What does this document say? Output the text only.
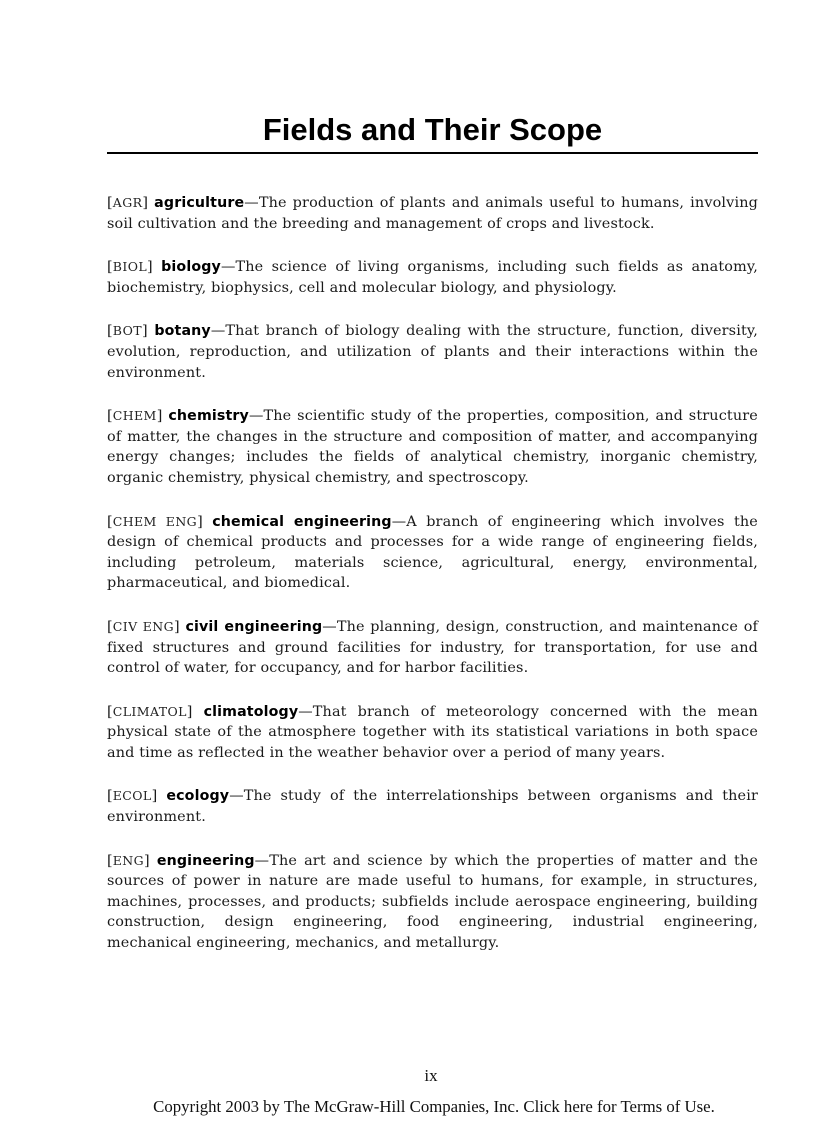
Fields and Their Scope

[AGR] agriculture—The production of plants and animals useful to humans, involving soil cultivation and the breeding and management of crops and livestock.

[BIOL] biology—The science of living organisms, including such fields as anatomy, biochemistry, biophysics, cell and molecular biology, and physiology.

[BOT] botany—That branch of biology dealing with the structure, function, diversity, evolution, reproduction, and utilization of plants and their interactions within the environment.

[CHEM] chemistry—The scientific study of the properties, composition, and structure of matter, the changes in the structure and composition of matter, and accompanying energy changes; includes the fields of analytical chemistry, inorganic chemistry, organic chemistry, physical chemistry, and spectroscopy.

[CHEM ENG] chemical engineering—A branch of engineering which involves the design of chemical products and processes for a wide range of engineering fields, including petroleum, materials science, agricultural, energy, environmental, pharmaceutical, and biomedical.

[CIV ENG] civil engineering—The planning, design, construction, and maintenance of fixed structures and ground facilities for industry, for transportation, for use and control of water, for occupancy, and for harbor facilities.

[CLIMATOL] climatology—That branch of meteorology concerned with the mean physical state of the atmosphere together with its statistical variations in both space and time as reflected in the weather behavior over a period of many years.

[ECOL] ecology—The study of the interrelationships between organisms and their environment.

[ENG] engineering—The art and science by which the properties of matter and the sources of power in nature are made useful to humans, for example, in structures, machines, processes, and products; subfields include aerospace engineering, building construction, design engineering, food engineering, industrial engineering, mechanical engineering, mechanics, and metallurgy.

ix
Copyright 2003 by The McGraw-Hill Companies, Inc. Click here for Terms of Use.
